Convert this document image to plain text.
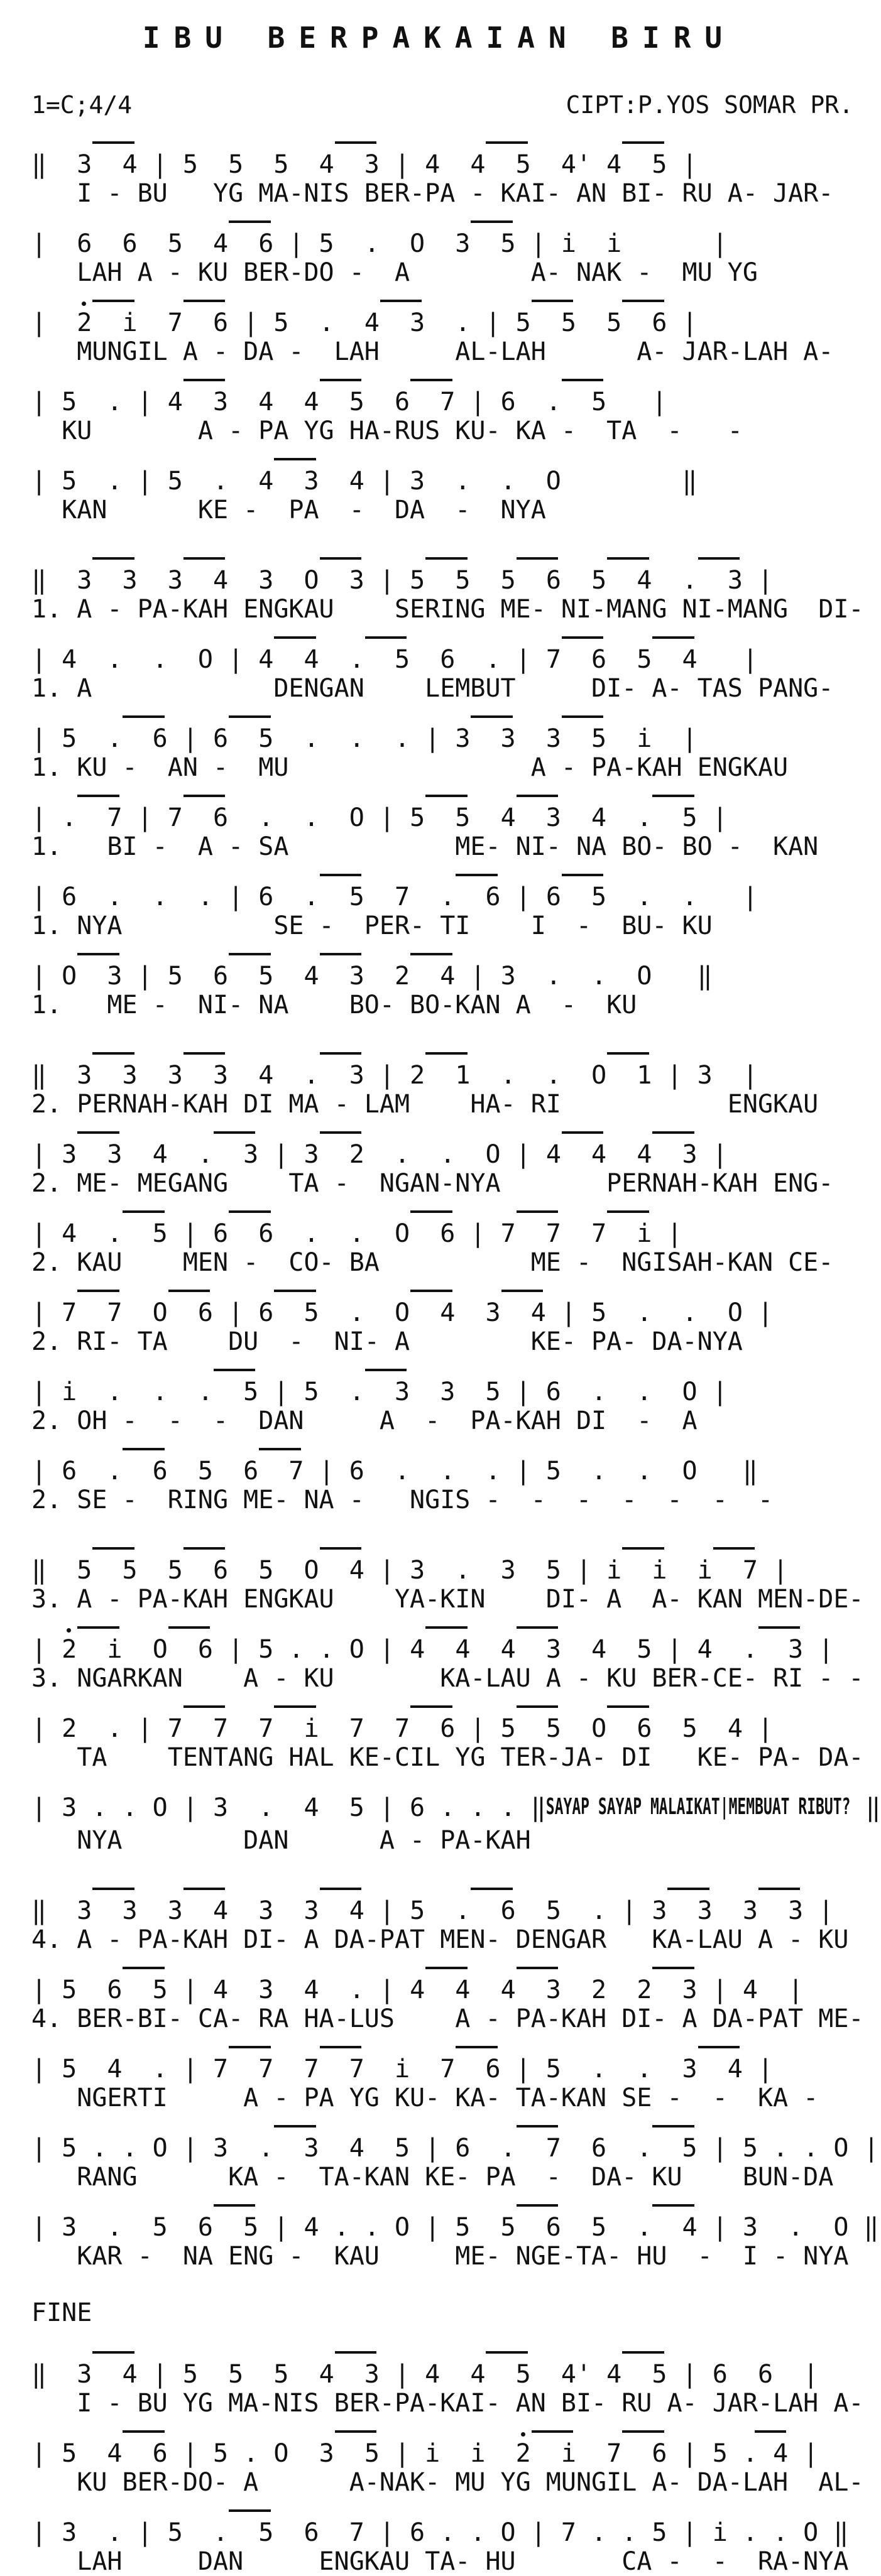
IBU BERPAKAIAN BIRU
1=C;4/4	CIPT:P.YOS SOMAR PR.
‖  3  4 | 5  5  5  4  3 | 4  4  5  4' 4  5 |
I - BU   YG MA-NIS BER-PA - KAI- AN BI- RU A- JAR-
|  6  6  5  4  6 | 5  .  O  3  5 | i  i      |
LAH A - KU BER-DO -  A        A- NAK -  MU YG
|  2  i 7  6 | 5  .  4  3  . | 5  5 5  6 |
MUNGIL A - DA -  LAH     AL-LAH      A- JAR-LAH A-
| 5  . | 4  3  4  4  5 6  7 | 6  .  5   |
KU       A - PA YG HA-RUS KU- KA -  TA  -   -
| 5  . | 5  .  4  3  4 | 3  .  .  O        ‖
KAN      KE -  PA  -  DA  -  NYA
‖  3  3 3  4  3  O  3 | 5  5 5  6 5  4 .  3 |
1. A - PA-KAH ENGKAU    SERING ME- NI-MANG NI-MANG  DI-
| 4  .  .  O | 4  4 .  5  6  . | 7  6 5  4   |
1. A            DENGAN    LEMBUT     DI- A- TAS PANG-
| 5  .  6 | 6  5  .  .  . | 3  3 3  5  i  |
1. KU -  AN -  MU                A - PA-KAH ENGKAU
| .  7 | 7  6  .  .  O | 5  5 4  3  4  .  5 |
1.   BI -  A - SA           ME- NI- NA BO- BO -  KAN
| 6  .  .  . | 6  .  5  7  .  6 | 6  5  .  .   |
1. NYA          SE -  PER- TI    I  -  BU- KU
| O  3 | 5  6  5 4  3 2  4 | 3  .  .  O   ‖
1.   ME -  NI- NA    BO- BO-KAN A  -  KU
‖  3  3 3  3  4  .  3 | 2  1  .  .  O  1 | 3  |
2. PERNAH-KAH DI MA - LAM    HA- RI           ENGKAU
| 3  3  4  .  3 | 3  2  .  .  O | 4  4 4  3 |
2. ME- MEGANG    TA -  NGAN-NYA       PERNAH-KAH ENG-
| 4  .  5 | 6  6  .  .  O  6 | 7  7 7  i |
2. KAU    MEN -  CO- BA          ME -  NGISAH-KAN CE-
| 7  7 O  6 | 6  5  .  O  4 3  4 | 5  .  .  O |
2. RI- TA    DU  -  NI- A        KE- PA- DA-NYA
| i  .  .  .  5 | 5  .  3  3  5 | 6  .  .  O |
2. OH -  -  -  DAN     A  -  PA-KAH DI  -  A
| 6  .  6  5  6  7 | 6  .  .  . | 5  .  .  O   ‖
2. SE -  RING ME- NA -   NGIS -  -  -  -  -  -  -
‖  5  5 5  6  5  O  4 | 3  .  3  5 | i  i i  7 |
3. A - PA-KAH ENGKAU    YA-KIN    DI- A  A- KAN MEN-DE-
| 2  i O  6 | 5 . . O | 4  4 4  3  4  5 | 4  .  3 |
3. NGARKAN    A - KU       KA-LAU A - KU BER-CE- RI - -
| 2  . | 7  7 7  i  7  7  6 | 5  5 O  6  5  4 |
TA    TENTANG HAL KE-CIL YG TER-JA- DI   KE- PA- DA-
| 3 . . O | 3  .  4  5 | 6 . . . ‖SAYAP SAYAP MALAIKAT|MEMBUAT RIBUT? ‖
NYA        DAN      A - PA-KAH
‖  3  3 3  4  3  3  4 | 5  .  6  5  . | 3  3 3  3 |
4. A - PA-KAH DI- A DA-PAT MEN- DENGAR   KA-LAU A - KU
| 5  6  5 | 4  3  4  . | 4  4 4  3  2  2  3 | 4  |
4. BER-BI- CA- RA HA-LUS    A - PA-KAH DI- A DA-PAT ME-
| 5  4  . | 7  7 7  7  i  7  6 | 5  .  .  3  4 |
NGERTI     A - PA YG KU- KA- TA-KAN SE -  -  KA -
| 5 . . O | 3  .  3  4  5 | 6  .  7  6  .  5 | 5 . . O |
RANG      KA -  TA-KAN KE- PA  -  DA- KU    BUN-DA
| 3  .  5  6  5 | 4 . . O | 5  5  6  5  .  4 | 3  .  O ‖
KAR -  NA ENG -  KAU     ME- NGE-TA- HU  -  I - NYA
FINE
‖  3  4 | 5  5  5  4  3 | 4  4  5  4' 4  5 | 6  6  |
I - BU YG MA-NIS BER-PA-KAI- AN BI- RU A- JAR-LAH A-
| 5  4  6 | 5 . O  3  5 | i  i  2  i 7  6 | 5 . 4 |
KU BER-DO- A      A-NAK- MU YG MUNGIL A- DA-LAH  AL-
| 3  . | 5  .  5  6  7 | 6 . . O | 7 . . 5 | i . . O ‖
LAH     DAN     ENGKAU TA- HU       CA -  -  RA-NYA
